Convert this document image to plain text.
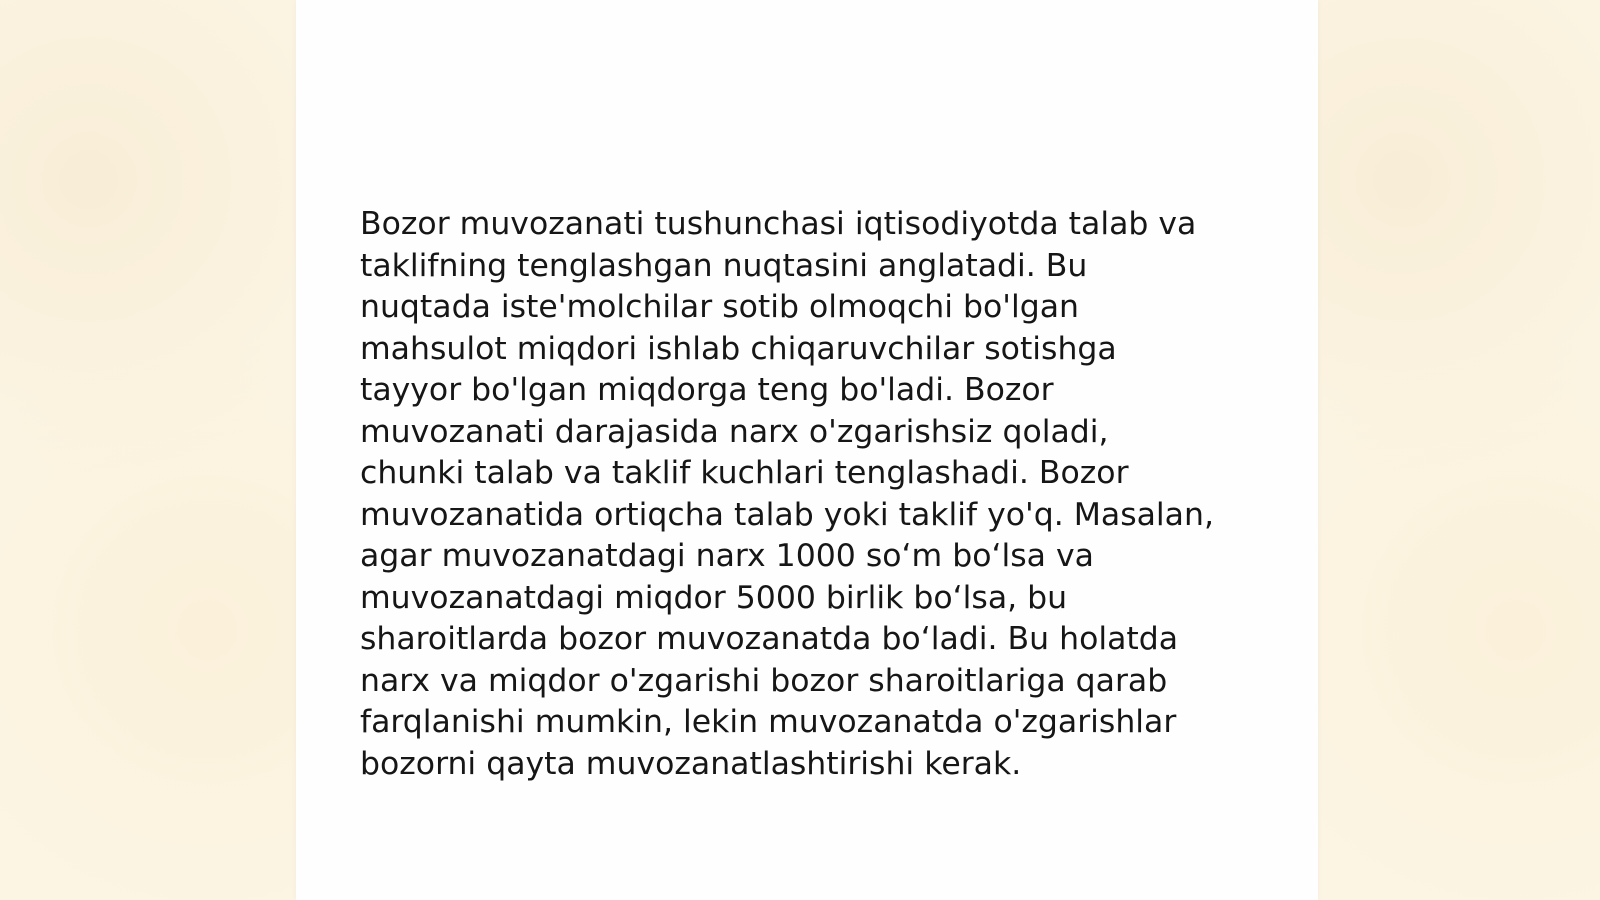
Bozor muvozanati tushunchasi iqtisodiyotda talab va
taklifning tenglashgan nuqtasini anglatadi. Bu
nuqtada iste'molchilar sotib olmoqchi bo'lgan
mahsulot miqdori ishlab chiqaruvchilar sotishga
tayyor bo'lgan miqdorga teng bo'ladi. Bozor
muvozanati darajasida narx o'zgarishsiz qoladi,
chunki talab va taklif kuchlari tenglashadi. Bozor
muvozanatida ortiqcha talab yoki taklif yo'q. Masalan,
agar muvozanatdagi narx 1000 so‘m bo‘lsa va
muvozanatdagi miqdor 5000 birlik bo‘lsa, bu
sharoitlarda bozor muvozanatda bo‘ladi. Bu holatda
narx va miqdor o'zgarishi bozor sharoitlariga qarab
farqlanishi mumkin, lekin muvozanatda o'zgarishlar
bozorni qayta muvozanatlashtirishi kerak.
